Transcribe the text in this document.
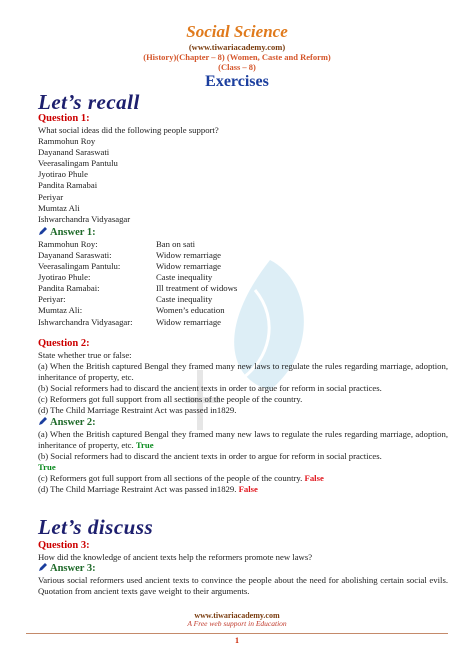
Social Science
(www.tiwariacademy.com)
(History)(Chapter – 8) (Women, Caste and Reform)
(Class – 8)
Exercises
Let’s recall
Question 1:
What social ideas did the following people support?
Rammohun Roy
Dayanand Saraswati
Veerasalingam Pantulu
Jyotirao Phule
Pandita Ramabai
Periyar
Mumtaz Ali
Ishwarchandra Vidyasagar
Answer 1:
Rammohun Roy:	Ban on sati
Dayanand Saraswati:	Widow remarriage
Veerasalingam Pantulu:	Widow remarriage
Jyotirao Phule:	Caste inequality
Pandita Ramabai:	Ill treatment of widows
Periyar:	Caste inequality
Mumtaz Ali:	Women’s education
Ishwarchandra Vidyasagar:	Widow remarriage
Question 2:
State whether true or false:
(a) When the British captured Bengal they framed many new laws to regulate the rules regarding marriage, adoption, inheritance of property, etc.
(b) Social reformers had to discard the ancient texts in order to argue for reform in social practices.
(c) Reformers got full support from all sections of the people of the country.
(d) The Child Marriage Restraint Act was passed in1829.
Answer 2:
(a) When the British captured Bengal they framed many new laws to regulate the rules regarding marriage, adoption, inheritance of property, etc. True
(b) Social reformers had to discard the ancient texts in order to argue for reform in social practices.
True
(c) Reformers got full support from all sections of the people of the country. False
(d) The Child Marriage Restraint Act was passed in1829. False
Let’s discuss
Question 3:
How did the knowledge of ancient texts help the reformers promote new laws?
Answer 3:
Various social reformers used ancient texts to convince the people about the need for abolishing certain social evils. Quotation from ancient texts gave weight to their arguments.
www.tiwariacademy.com
A Free web support in Education
1
